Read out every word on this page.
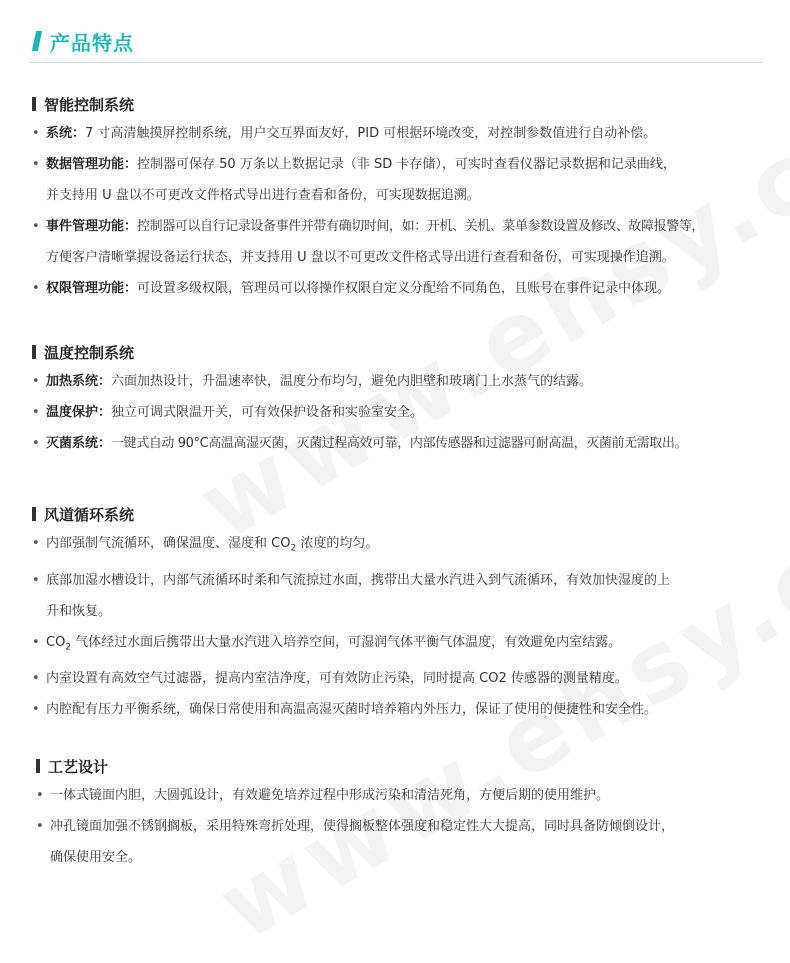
产品特点
智能控制系统
• 系统：7 寸高清触摸屏控制系统，用户交互界面友好，PID 可根据环境改变，对控制参数值进行自动补偿。
• 数据管理功能：控制器可保存 50 万条以上数据记录（非 SD 卡存储），可实时查看仪器记录数据和记录曲线，
并支持用 U 盘以不可更改文件格式导出进行查看和备份，可实现数据追溯。
• 事件管理功能：控制器可以自行记录设备事件并带有确切时间，如：开机、关机、菜单参数设置及修改、故障报警等，
方便客户清晰掌握设备运行状态，并支持用 U 盘以不可更改文件格式导出进行查看和备份，可实现操作追溯。
• 权限管理功能：可设置多级权限，管理员可以将操作权限自定义分配给不同角色，且账号在事件记录中体现。
温度控制系统
• 加热系统：六面加热设计，升温速率快，温度分布均匀，避免内胆壁和玻璃门上水蒸气的结露。
• 温度保护：独立可调式限温开关，可有效保护设备和实验室安全。
• 灭菌系统：一键式自动 90°C高温高湿灭菌，灭菌过程高效可靠，内部传感器和过滤器可耐高温，灭菌前无需取出。
风道循环系统
• 内部强制气流循环，确保温度、湿度和 $CO_2$ 浓度的均匀。
• 底部加湿水槽设计，内部气流循环时柔和气流掠过水面，携带出大量水汽进入到气流循环，有效加快湿度的上
升和恢复。
• $CO_2$ 气体经过水面后携带出大量水汽进入培养空间，可湿润气体平衡气体温度，有效避免内室结露。
• 内室设置有高效空气过滤器，提高内室洁净度，可有效防止污染，同时提高 CO2 传感器的测量精度。
• 内腔配有压力平衡系统，确保日常使用和高温高湿灭菌时培养箱内外压力，保证了使用的便捷性和安全性。
工艺设计
• 一体式镜面内胆，大圆弧设计，有效避免培养过程中形成污染和清洁死角，方便后期的使用维护。
• 冲孔镜面加强不锈钢搁板，采用特殊弯折处理，使得搁板整体强度和稳定性大大提高，同时具备防倾倒设计，
确保使用安全。
